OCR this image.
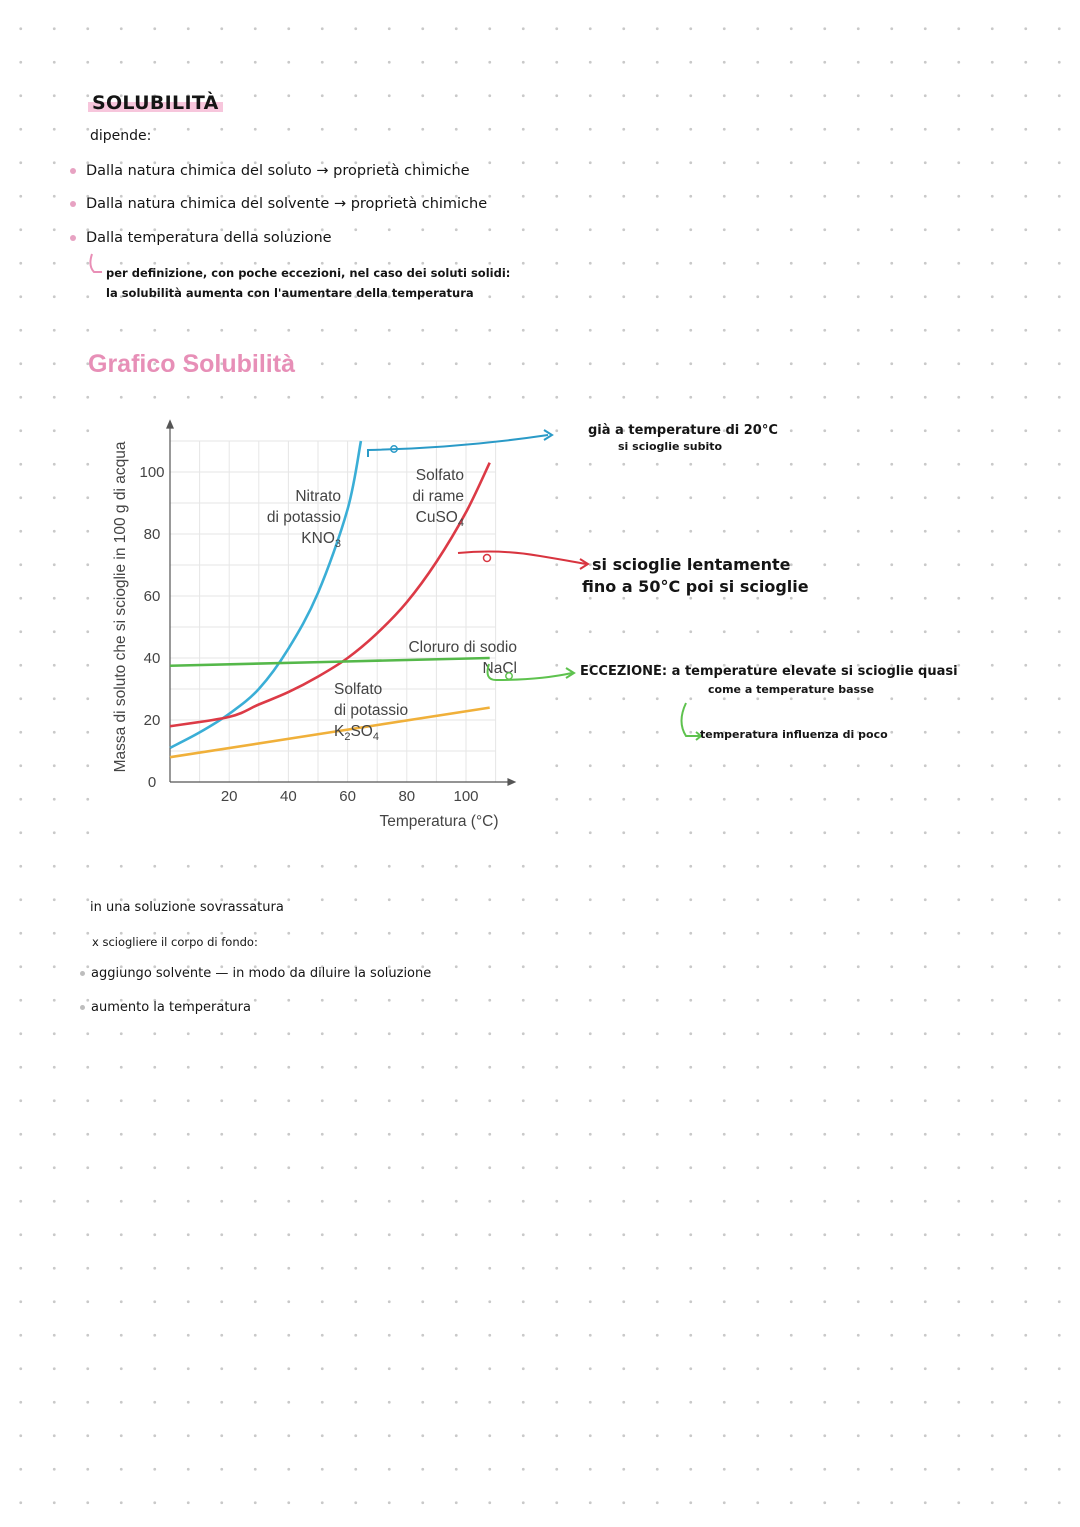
SOLUBILITÀ
dipende:
Dalla natura chimica del soluto → proprietà chimiche
Dalla natura chimica del solvente → proprietà chimiche
Dalla temperatura della soluzione
per definizione, con poche eccezioni, nel caso dei soluti solidi:
la solubilità aumenta con l'aumentare della temperatura
Grafico Solubilità
20	40	60	80	100
0
20
40
60
80
100
Temperatura (°C)
Massa di soluto che si scioglie in 100 g di acqua	Nitrato
di potassio
$KNO_3$
Solfato
di rame
CuSO$_4$
Cloruro di sodio
NaCl
Solfato
di potassio
$K_2SO_4$
già a temperature di 20°C
si scioglie subito
si scioglie lentamente
fino a 50°C poi si scioglie
ECCEZIONE: a temperature elevate si scioglie quasi
come a temperature basse
temperatura influenza di poco
in una soluzione sovrassatura
x sciogliere il corpo di fondo:
aggiungo solvente — in modo da diluire la soluzione
aumento la temperatura
